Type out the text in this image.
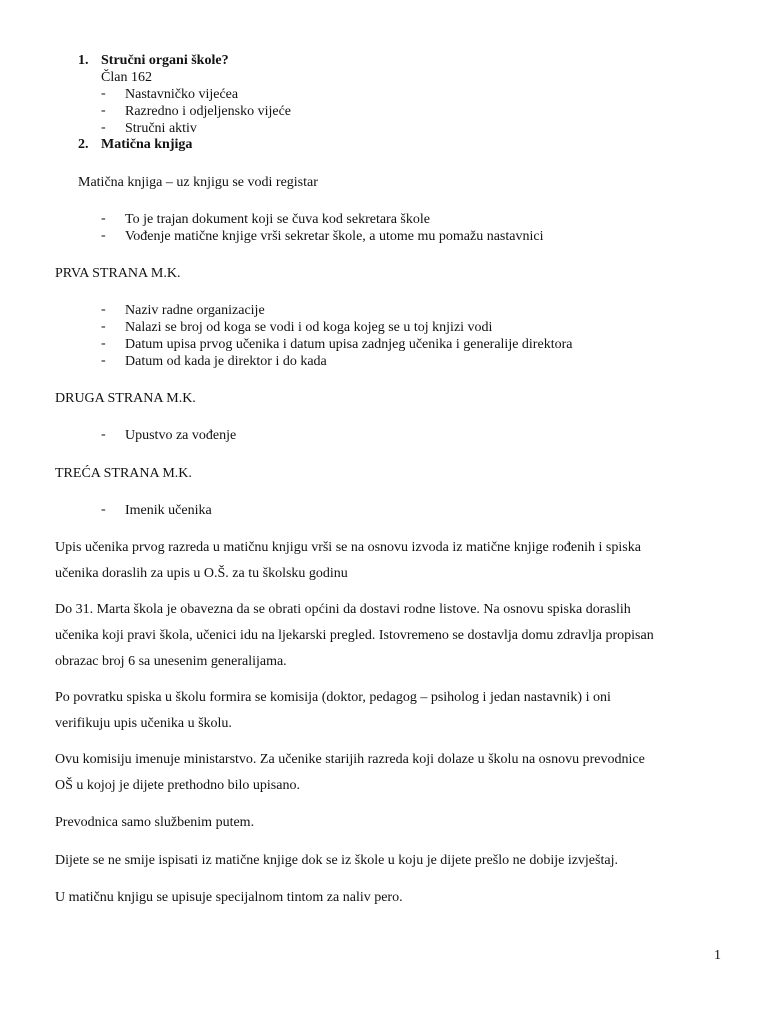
1. Stručni organi škole?
Član 162
- Nastavničko vijećea
- Razredno i odjeljensko vijeće
- Stručni aktiv
2. Matična knjiga
Matična knjiga – uz knjigu se vodi registar
- To je trajan dokument koji se čuva kod sekretara škole
- Vođenje matične knjige vrši sekretar škole, a utome mu pomažu nastavnici
PRVA STRANA M.K.
- Naziv radne organizacije
- Nalazi se broj od koga se vodi i od koga kojeg se u toj knjizi vodi
- Datum upisa prvog učenika i datum upisa zadnjeg učenika i generalije direktora
- Datum od kada je direktor i do kada
DRUGA STRANA M.K.
- Upustvo za vođenje
TREĆA STRANA M.K.
- Imenik učenika
Upis učenika prvog razreda u matičnu knjigu vrši se na osnovu izvoda iz matične knjige rođenih i spiska
učenika doraslih za upis u O.Š. za tu školsku godinu
Do 31. Marta škola je obavezna da se obrati općini da dostavi rodne listove. Na osnovu spiska doraslih
učenika koji pravi škola, učenici idu na ljekarski pregled. Istovremeno se dostavlja domu zdravlja propisan
obrazac broj 6 sa unesenim generalijama.
Po povratku spiska u školu formira se komisija (doktor, pedagog – psiholog i jedan nastavnik) i oni
verifikuju upis učenika u školu.
Ovu komisiju imenuje ministarstvo. Za učenike starijih razreda koji dolaze u školu na osnovu prevodnice
OŠ u kojoj je dijete prethodno bilo upisano.
Prevodnica samo službenim putem.
Dijete se ne smije ispisati iz matične knjige dok se iz škole u koju je dijete prešlo ne dobije izvještaj.
U matičnu knjigu se upisuje specijalnom tintom za naliv pero.
1
